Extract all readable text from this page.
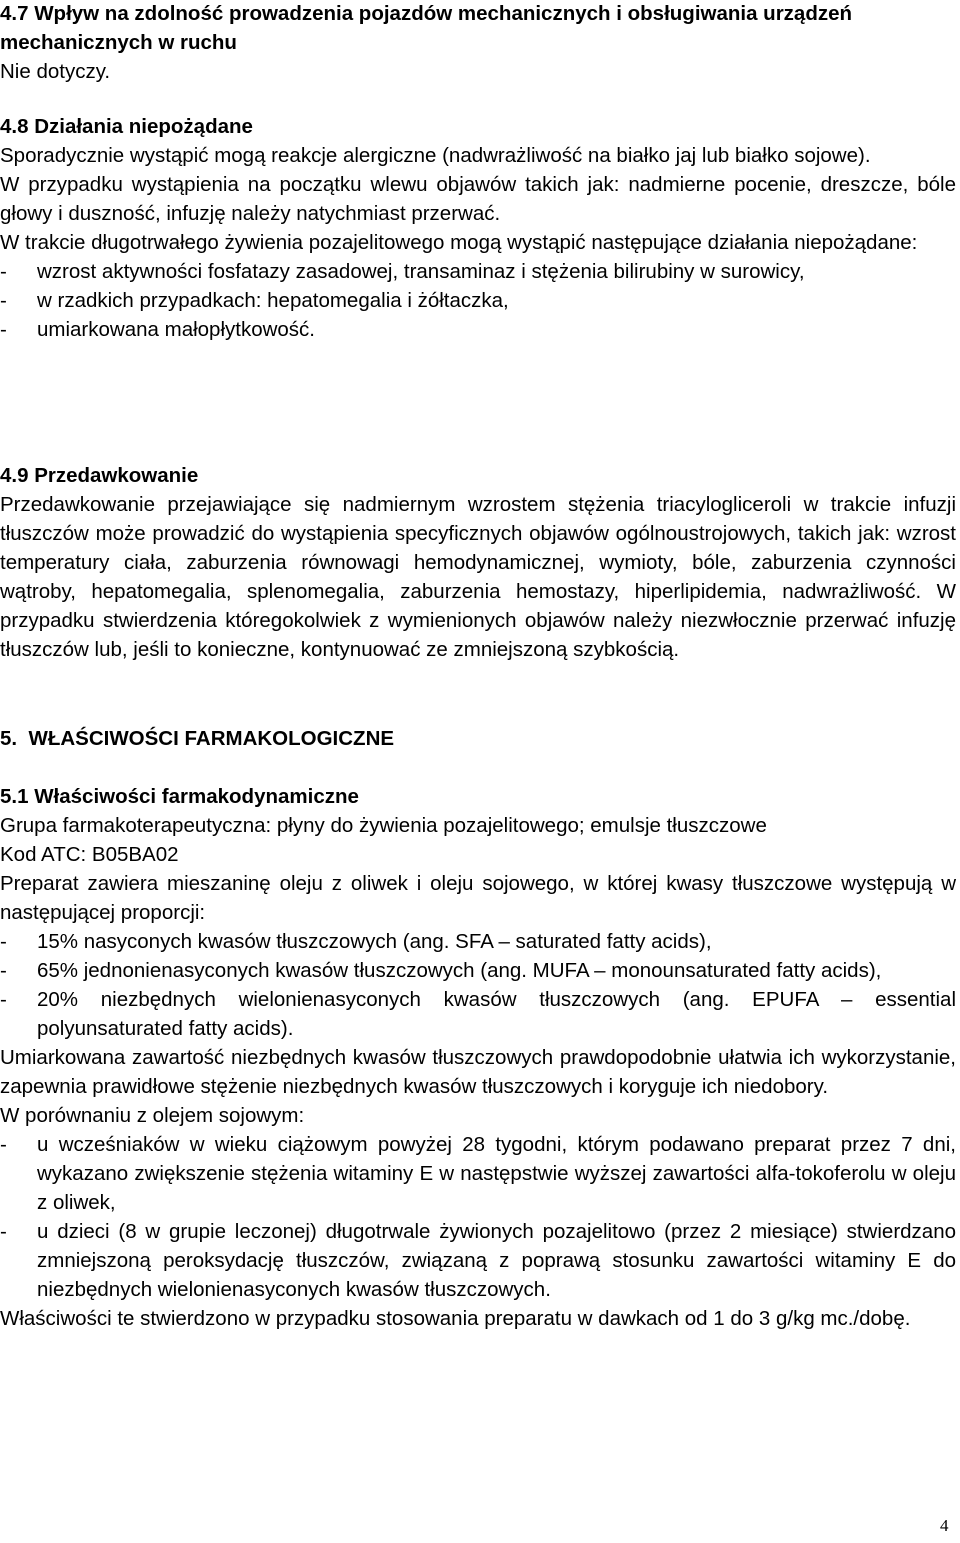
4.7 Wpływ na zdolność prowadzenia pojazdów mechanicznych i obsługiwania urządzeń mechanicznych w ruchu
Nie dotyczy.
4.8 Działania niepożądane
Sporadycznie wystąpić mogą reakcje alergiczne (nadwrażliwość na białko jaj lub białko sojowe).
W przypadku wystąpienia na początku wlewu objawów takich jak: nadmierne pocenie, dreszcze, bóle głowy i duszność, infuzję należy natychmiast przerwać.
W trakcie długotrwałego żywienia pozajelitowego mogą wystąpić następujące działania niepożądane:
- wzrost aktywności fosfatazy zasadowej, transaminaz i stężenia bilirubiny w surowicy,
- w rzadkich przypadkach: hepatomegalia i żółtaczka,
- umiarkowana małopłytkowość.
4.9 Przedawkowanie
Przedawkowanie przejawiające się nadmiernym wzrostem stężenia triacylogliceroli w trakcie infuzji tłuszczów może prowadzić do wystąpienia specyficznych objawów ogólnoustrojowych, takich jak: wzrost temperatury ciała, zaburzenia równowagi hemodynamicznej, wymioty, bóle, zaburzenia czynności wątroby, hepatomegalia, splenomegalia, zaburzenia hemostazy, hiperlipidemia, nadwrażliwość. W przypadku stwierdzenia któregokolwiek z wymienionych objawów należy niezwłocznie przerwać infuzję tłuszczów lub, jeśli to konieczne, kontynuować ze zmniejszoną szybkością.
5.  WŁAŚCIWOŚCI FARMAKOLOGICZNE
5.1 Właściwości farmakodynamiczne
Grupa farmakoterapeutyczna: płyny do żywienia pozajelitowego; emulsje tłuszczowe
Kod ATC: B05BA02
Preparat zawiera mieszaninę oleju z oliwek i oleju sojowego, w której kwasy tłuszczowe występują w następującej proporcji:
- 15% nasyconych kwasów tłuszczowych (ang. SFA – saturated fatty acids),
- 65% jednonienasyconych kwasów tłuszczowych (ang. MUFA – monounsaturated fatty acids),
- 20% niezbędnych wielonienasyconych kwasów tłuszczowych (ang. EPUFA – essential polyunsaturated fatty acids).
Umiarkowana zawartość niezbędnych kwasów tłuszczowych prawdopodobnie ułatwia ich wykorzystanie, zapewnia prawidłowe stężenie niezbędnych kwasów tłuszczowych i koryguje ich niedobory.
W porównaniu z olejem sojowym:
- u wcześniaków w wieku ciążowym powyżej 28 tygodni, którym podawano preparat przez 7 dni, wykazano zwiększenie stężenia witaminy E w następstwie wyższej zawartości alfa-tokoferolu w oleju z oliwek,
- u dzieci (8 w grupie leczonej) długotrwale żywionych pozajelitowo (przez 2 miesiące) stwierdzano zmniejszoną peroksydację tłuszczów, związaną z poprawą stosunku zawartości witaminy E do niezbędnych wielonienasyconych kwasów tłuszczowych.
Właściwości te stwierdzono w przypadku stosowania preparatu w dawkach od 1 do 3 g/kg mc./dobę.
4
